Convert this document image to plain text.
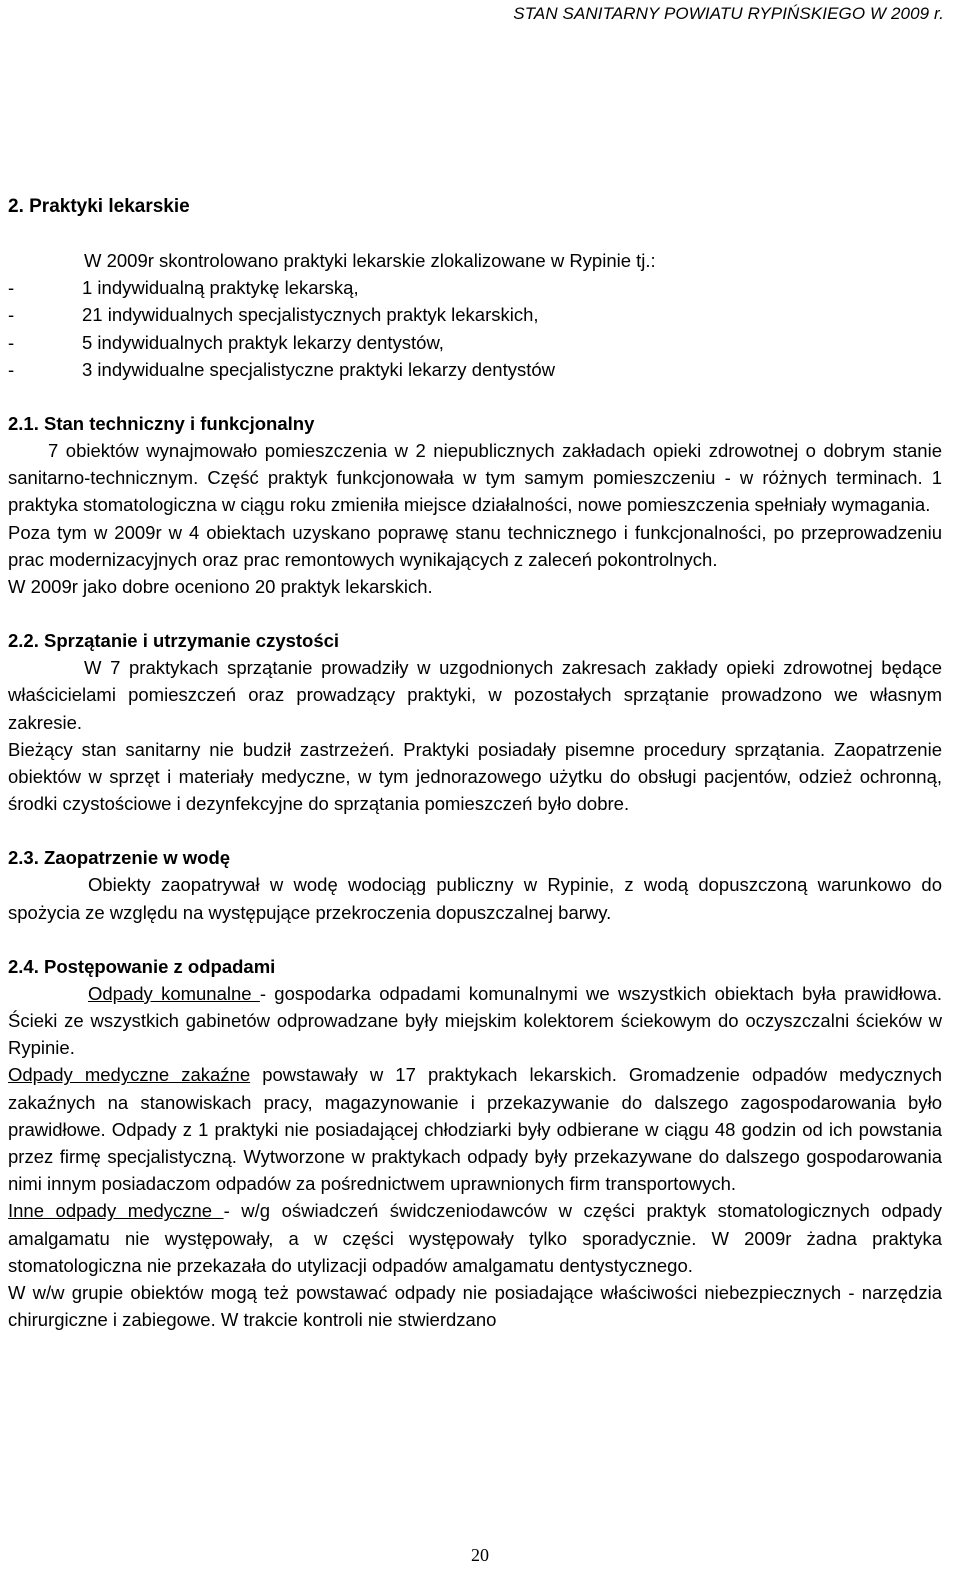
STAN SANITARNY POWIATU RYPIŃSKIEGO W 2009 r.
2. Praktyki lekarskie

W 2009r skontrolowano praktyki lekarskie zlokalizowane w Rypinie tj.:

-	1 indywidualną praktykę lekarską,
-	21 indywidualnych specjalistycznych praktyk lekarskich,
-	5 indywidualnych praktyk lekarzy dentystów,
-	3 indywidualne specjalistyczne praktyki lekarzy dentystów
2.1. Stan techniczny i funkcjonalny

7 obiektów wynajmowało pomieszczenia w 2 niepublicznych zakładach opieki zdrowotnej o dobrym stanie sanitarno-technicznym. Część praktyk funkcjonowała w tym samym pomieszczeniu - w różnych terminach. 1 praktyka stomatologiczna w ciągu roku zmieniła miejsce działalności, nowe pomieszczenia spełniały wymagania.

Poza tym w 2009r w 4 obiektach uzyskano poprawę stanu technicznego i funkcjonalności, po przeprowadzeniu prac modernizacyjnych oraz prac remontowych wynikających z zaleceń pokontrolnych.

W 2009r jako dobre oceniono 20 praktyk lekarskich.

2.2. Sprzątanie i utrzymanie czystości

W 7 praktykach sprzątanie prowadziły w uzgodnionych zakresach zakłady opieki zdrowotnej będące właścicielami pomieszczeń oraz prowadzący praktyki, w pozostałych sprzątanie prowadzono we własnym zakresie.

Bieżący stan sanitarny nie budził zastrzeżeń. Praktyki posiadały pisemne procedury sprzątania. Zaopatrzenie obiektów w sprzęt i materiały medyczne, w tym jednorazowego użytku do obsługi pacjentów, odzież ochronną, środki czystościowe i dezynfekcyjne do sprzątania pomieszczeń było dobre.

2.3. Zaopatrzenie w wodę

Obiekty zaopatrywał w wodę wodociąg publiczny w Rypinie, z wodą dopuszczoną warunkowo do spożycia ze względu na występujące przekroczenia dopuszczalnej barwy.

2.4. Postępowanie z odpadami

Odpady komunalne - gospodarka odpadami komunalnymi we wszystkich obiektach była prawidłowa. Ścieki ze wszystkich gabinetów odprowadzane były miejskim kolektorem ściekowym do oczyszczalni ścieków w Rypinie.

Odpady medyczne zakaźne powstawały w 17 praktykach lekarskich. Gromadzenie odpadów medycznych zakaźnych na stanowiskach pracy, magazynowanie i przekazywanie do dalszego zagospodarowania było prawidłowe. Odpady z 1 praktyki nie posiadającej chłodziarki były odbierane w ciągu 48 godzin od ich powstania przez firmę specjalistyczną. Wytworzone w praktykach odpady były przekazywane do dalszego gospodarowania nimi innym posiadaczom odpadów za pośrednictwem uprawnionych firm transportowych.

Inne odpady medyczne - w/g oświadczeń świdczeniodawców w części praktyk stomatologicznych odpady amalgamatu nie występowały, a w części występowały tylko sporadycznie. W 2009r żadna praktyka stomatologiczna nie przekazała do utylizacji odpadów amalgamatu dentystycznego.

W w/w grupie obiektów mogą też powstawać odpady nie posiadające właściwości niebezpiecznych - narzędzia chirurgiczne i zabiegowe. W trakcie kontroli nie stwierdzano

20
